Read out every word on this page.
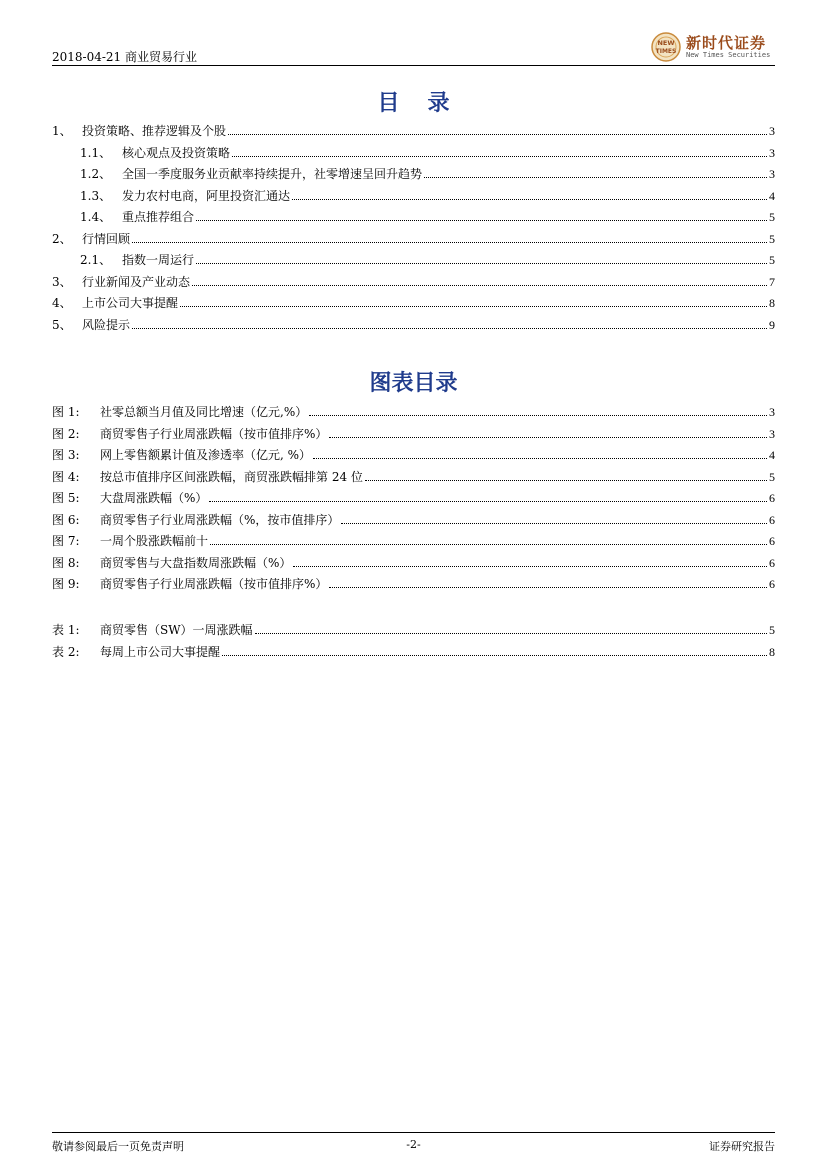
2018-04-21 商业贸易行业
NEW
TIMES 新时代证券
New Times Securities
目录
1、 投资策略、推荐逻辑及个股	3
1.1、 核心观点及投资策略	3
1.2、 全国一季度服务业贡献率持续提升，社零增速呈回升趋势	3
1.3、 发力农村电商，阿里投资汇通达	4
1.4、 重点推荐组合	5
2、 行情回顾	5
2.1、 指数一周运行	5
3、 行业新闻及产业动态	7
4、 上市公司大事提醒	8
5、 风险提示	9
图表目录
图 1:	社零总额当月值及同比增速（亿元,%）	3
图 2:	商贸零售子行业周涨跌幅（按市值排序%）	3
图 3:	网上零售额累计值及渗透率（亿元, %）	4
图 4:	按总市值排序区间涨跌幅，商贸涨跌幅排第 24 位	5
图 5:	大盘周涨跌幅（%）	6
图 6:	商贸零售子行业周涨跌幅（%，按市值排序）	6
图 7:	一周个股涨跌幅前十	6
图 8:	商贸零售与大盘指数周涨跌幅（%）	6
图 9:	商贸零售子行业周涨跌幅（按市值排序%）	6
表 1:	商贸零售（SW）一周涨跌幅	5
表 2:	每周上市公司大事提醒	8
敬请参阅最后一页免责声明	-2-	证券研究报告
